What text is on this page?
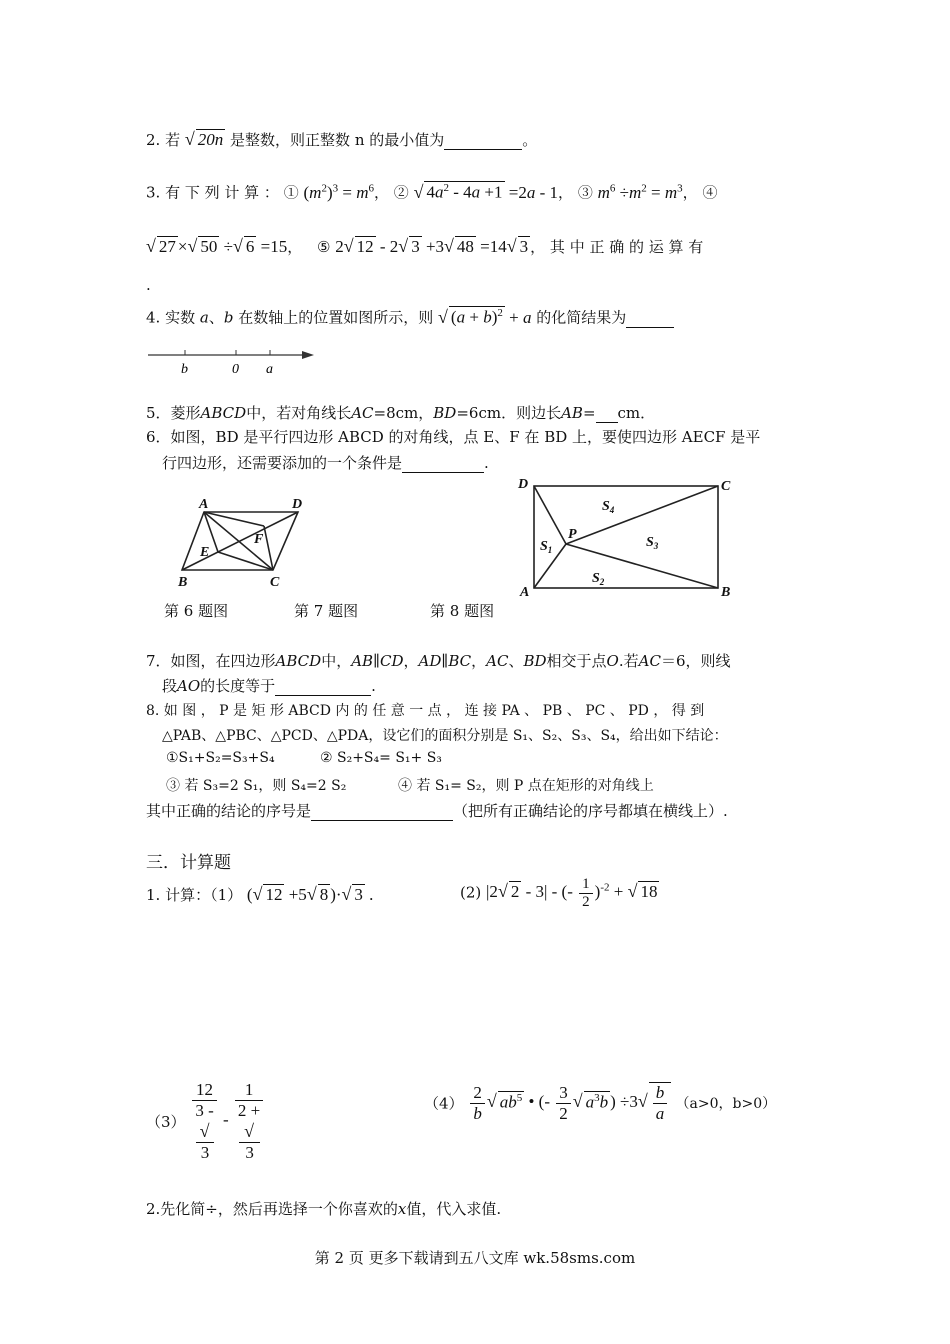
2. 若 √ 20n 是整数，则正整数 n 的最小值为	。
3. 有 下 列 计 算 ： ① $(m^2)^3 = m^6$， ② √ $4a^2 - 4a +1 =2a - 1$， ③ $m^6 \div m^2 = m^3$， ④
√ 27 ×√ 50 ÷√ 6 =15， ⑤ 2√ 12 - 2√ 3 +3√ 48 =14√ 3 ， 其 中 正 确 的 运 算 有
.
4. 实数 a、b 在数轴上的位置如图所示，则 √ $(a + b)^2 + a$ 的化简结果为
b	0 a
5．菱形ABCD中，若对角线长AC=8cm，BD=6cm．则边长AB= cm．
6．如图，BD 是平行四边形 ABCD 的对角线，点 E、F 在 BD 上，要使四边形 AECF 是平
行四边形，还需要添加的一个条件是	.
A	D
B	C
E
F
D	C
A	B
P
$S_1$
$S_2$
$S_3$
$S_4$
第 6 题图	第 7 题图	第 8 题图
7．如图，在四边形ABCD中，AB∥CD，AD∥BC，AC、BD相交于点O.若AC＝6，则线
段AO的长度等于	.
8. 如 图 ， P 是 矩 形 ABCD 内 的 任 意 一 点 ， 连 接 PA 、 PB 、 PC 、 PD ， 得 到
△PAB、△PBC、△PCD、△PDA，设它们的面积分别是 S₁、S₂、S₃、S₄，给出如下结论：
①S₁+S₂=S₃+S₄	② S₂+S₄= S₁+ S₃
③ 若 S₃=2 S₁，则 S₄=2 S₂	④ 若 S₁= S₂，则 P 点在矩形的对角线上
其中正确的结论的序号是	（把所有正确结论的序号都填在横线上）.
三．计算题
1. 计算：（1） (√ 12 +5√ 8 )·√ 3 .	(2) |2√ 2 - 3| - (- $\frac{1}{2} )^{-2}$ + √ 18
（3） 12
3 -
√
3 - 1
2 +
√
3	$(4) \frac{2}{b}$ √ $ab^5$ • (- $\frac{3}{2}$ √ $a^3b$ ) $\div 3√ \frac{b}{a} (a>0$，b>0）
2.先化简÷，然后再选择一个你喜欢的x值，代入求值.
第 2 页 更多下载请到五八文库 wk.58sms.com
